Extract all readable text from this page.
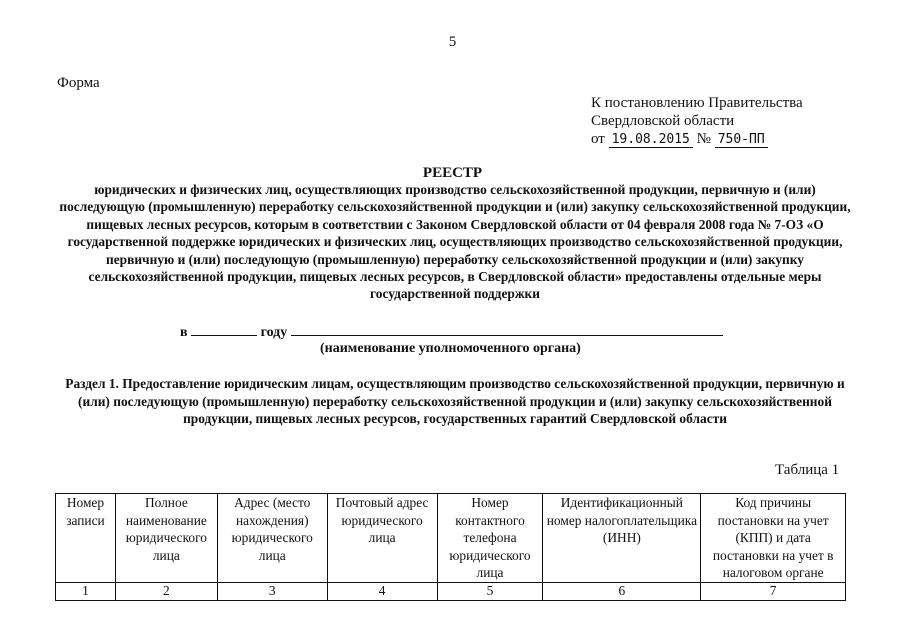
5
Форма
К постановлению Правительства
Свердловской области
от 19.08.2015 № 750-ПП
РЕЕСТР
юридических и физических лиц, осуществляющих производство сельскохозяйственной продукции, первичную и (или) последующую (промышленную) переработку сельскохозяйственной продукции и (или) закупку сельскохозяйственной продукции, пищевых лесных ресурсов, которым в соответствии с Законом Свердловской области от 04 февраля 2008 года № 7-ОЗ «О государственной поддержке юридических и физических лиц, осуществляющих производство сельскохозяйственной продукции, первичную и (или) последующую (промышленную) переработку сельскохозяйственной продукции и (или) закупку сельскохозяйственной продукции, пищевых лесных ресурсов, в Свердловской области» предоставлены отдельные меры государственной поддержки
в	году
(наименование уполномоченного органа)
Раздел 1. Предоставление юридическим лицам, осуществляющим производство сельскохозяйственной продукции, первичную и (или) последующую (промышленную) переработку сельскохозяйственной продукции и (или) закупку сельскохозяйственной продукции, пищевых лесных ресурсов, государственных гарантий Свердловской области
Таблица 1
Номер записи	Полное наименование юридического лица	Адрес (место нахождения) юридического лица	Почтовый адрес юридического лица	Номер контактного телефона юридического лица	Идентификационный номер налогоплательщика (ИНН)	Код причины постановки на учет (КПП) и дата постановки на учет в налоговом органе
1	2	3	4	5	6	7
